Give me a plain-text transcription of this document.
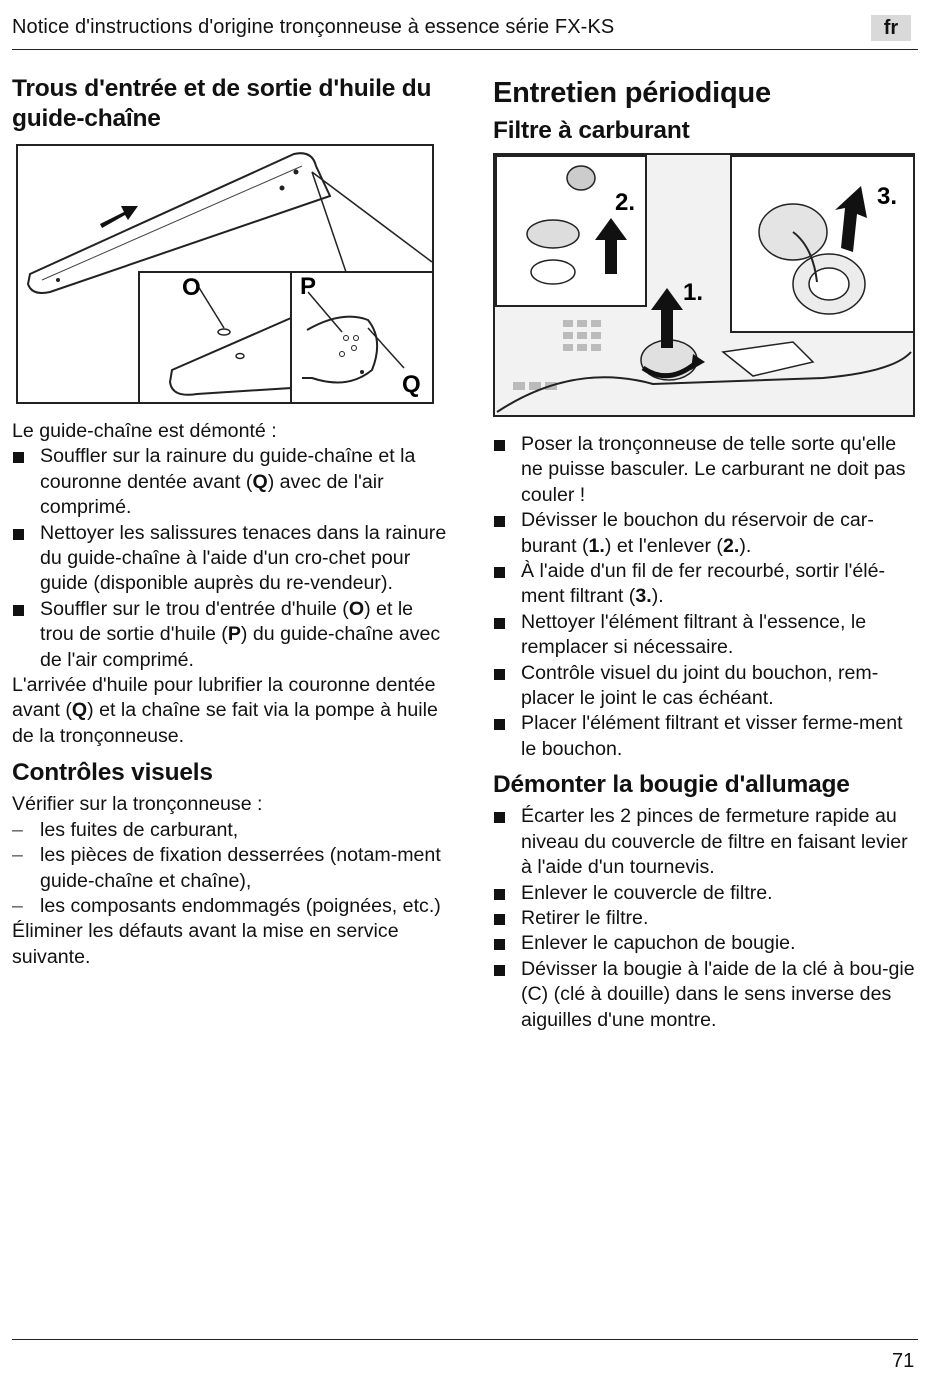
Notice d'instructions d'origine tronçonneuse à essence série FX-KS	fr
Trous d'entrée et de sortie d'huile du guide-chaîne
O	P
Q

Le guide-chaîne est démonté :

Souffler sur la rainure du guide-chaîne et la couronne dentée avant (Q) avec de l'air comprimé.
Nettoyer les salissures tenaces dans la rainure du guide-chaîne à l'aide d'un cro-chet pour guide (disponible auprès du re-vendeur).
Souffler sur le trou d'entrée d'huile (O) et le trou de sortie d'huile (P) du guide-chaîne avec de l'air comprimé.

L'arrivée d'huile pour lubrifier la couronne dentée avant (Q) et la chaîne se fait via la pompe à huile de la tronçonneuse.

Contrôles visuels

Vérifier sur la tronçonneuse :

– les fuites de carburant,
– les pièces de fixation desserrées (notam-ment guide-chaîne et chaîne),
– les composants endommagés (poignées, etc.)

Éliminer les défauts avant la mise en service suivante.

Entretien périodique
Filtre à carburant
2.	3.
1.
Poser la tronçonneuse de telle sorte qu'elle ne puisse basculer. Le carburant ne doit pas couler !
Dévisser le bouchon du réservoir de car-burant (1.) et l'enlever (2.).
À l'aide d'un fil de fer recourbé, sortir l'élé-ment filtrant (3.).
Nettoyer l'élément filtrant à l'essence, le remplacer si nécessaire.
Contrôle visuel du joint du bouchon, rem-placer le joint le cas échéant.
Placer l'élément filtrant et visser ferme-ment le bouchon.
Démonter la bougie d'allumage
Écarter les 2 pinces de fermeture rapide au niveau du couvercle de filtre en faisant levier à l'aide d'un tournevis.
Enlever le couvercle de filtre.
Retirer le filtre.
Enlever le capuchon de bougie.
Dévisser la bougie à l'aide de la clé à bou-gie (C) (clé à douille) dans le sens inverse des aiguilles d'une montre.
71
